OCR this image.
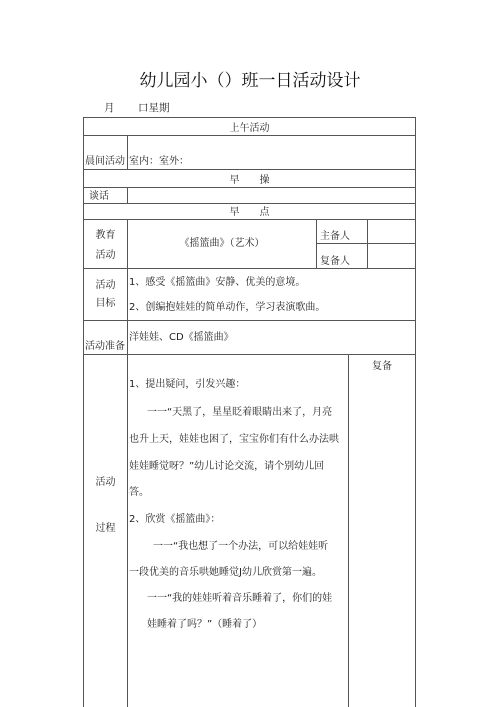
幼儿园小（）班一日活动设计
月 口星期
上午活动
晨间活动 室内：室外：
早　　操
谈话
早　　点
教育
活动
《摇篮曲》（艺术）
主备人
复备人
活动
目标
1、感受《摇篮曲》安静、优美的意境。
2、创编抱娃娃的简单动作，学习表演歌曲。
活动准备
洋娃娃、CD《摇篮曲》
活动
过程
复备
1、提出疑问，引发兴趣：
一一“天黑了，星星眨着眼睛出来了，月亮
也升上天，娃娃也困了，宝宝你们有什么办法哄
娃娃睡觉呀？”幼儿讨论交流，请个别幼儿回
答。
2、欣赏《摇篮曲》：
一一“我也想了一个办法，可以给娃娃听
一段优美的音乐哄她睡觉J幼儿欣赏第一遍。
一一“我的娃娃听着音乐睡着了，你们的娃
娃睡着了吗？”（睡着了）
